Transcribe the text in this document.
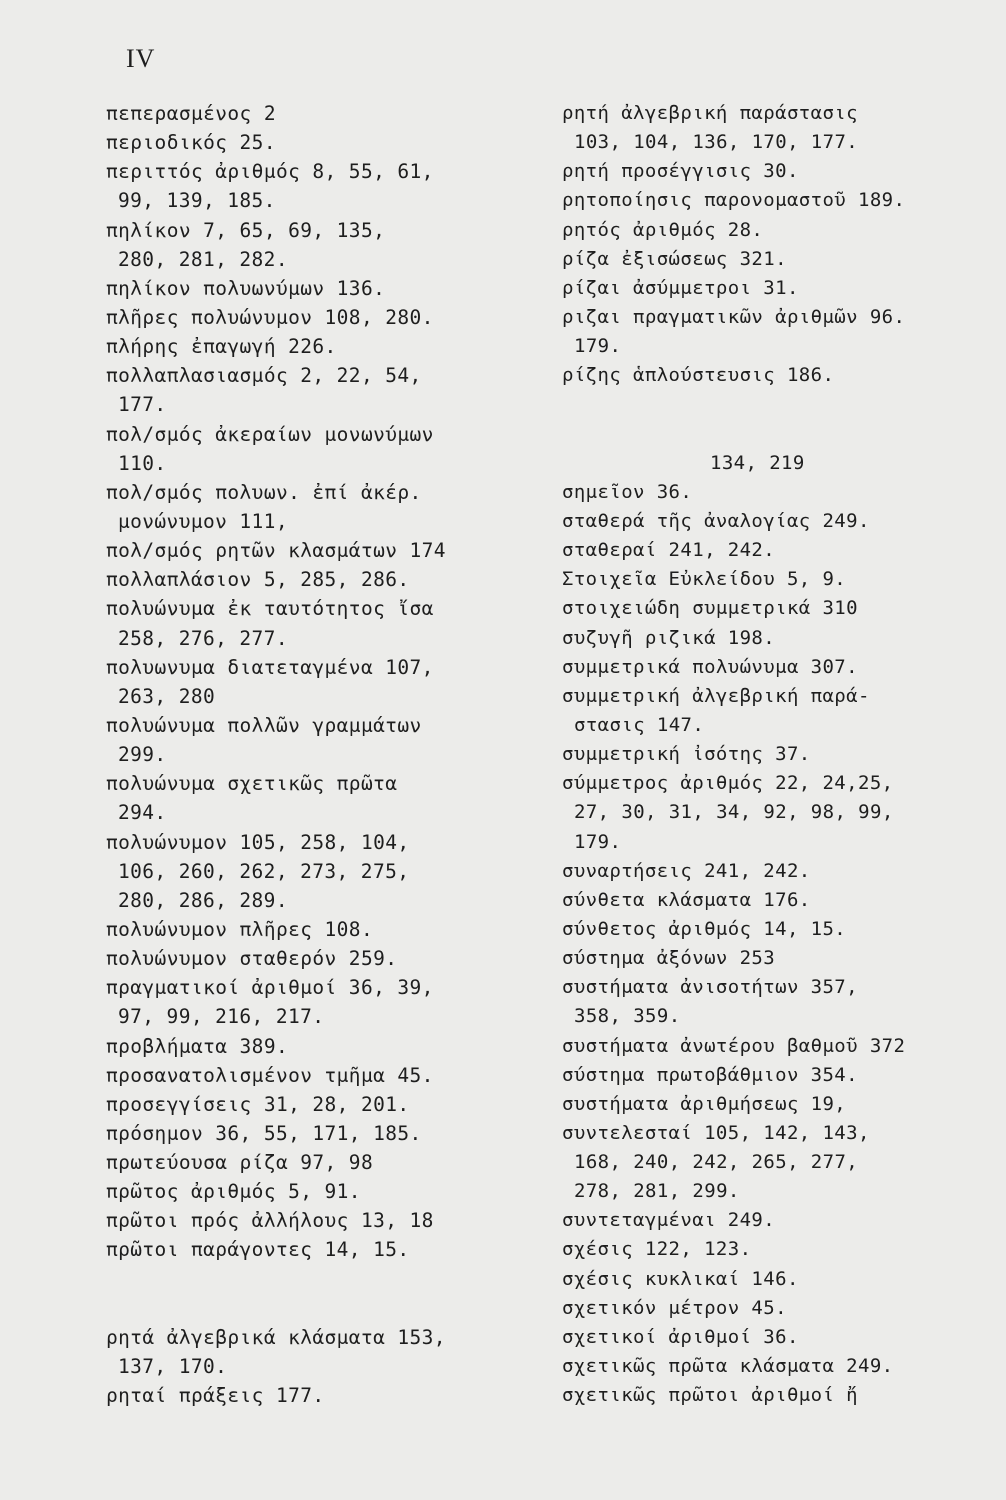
IV
πεπερασμένος 2
περιοδικός 25.
περιττός ἀριθμός 8, 55, 61,
99, 139, 185.
πηλίκον 7, 65, 69, 135,
280, 281, 282.
πηλίκον πολυωνύμων 136.
πλῆρες πολυώνυμον 108, 280.
πλήρης ἐπαγωγή 226.
πολλαπλασιασμός 2, 22, 54,
177.
πολ/σμός ἀκεραίων μονωνύμων
110.
πολ/σμός πολυων. ἐπί ἀκέρ.
μονώνυμον 111,
πολ/σμός ρητῶν κλασμάτων 174
πολλαπλάσιον 5, 285, 286.
πολυώνυμα ἐκ ταυτότητος ἴσα
258, 276, 277.
πολυωνυμα διατεταγμένα 107,
263, 280
πολυώνυμα πολλῶν γραμμάτων
299.
πολυώνυμα σχετικῶς πρῶτα
294.
πολυώνυμον 105, 258, 104,
106, 260, 262, 273, 275,
280, 286, 289.
πολυώνυμον πλῆρες 108.
πολυώνυμον σταθερόν 259.
πραγματικοί ἀριθμοί 36, 39,
97, 99, 216, 217.
προβλήματα 389.
προσανατολισμένον τμῆμα 45.
προσεγγίσεις 31, 28, 201.
πρόσημον 36, 55, 171, 185.
πρωτεύουσα ρίζα 97, 98
πρῶτος ἀριθμός 5, 91.
πρῶτοι πρός ἀλλήλους 13, 18
πρῶτοι παράγοντες 14, 15.
ρητά ἀλγεβρικά κλάσματα 153,
137, 170.
ρηταί πράξεις 177.
ρητή ἀλγεβρική παράστασις
103, 104, 136, 170, 177.
ρητή προσέγγισις 30.
ρητοποίησις παρονομαστοῦ 189.
ρητός ἀριθμός 28.
ρίζα ἐξισώσεως 321.
ρίζαι ἀσύμμετροι 31.
ριζαι πραγματικῶν ἀριθμῶν 96.
179.
ρίζης ἁπλούστευσις 186.
134, 219
σημεῖον 36.
σταθερά τῆς ἀναλογίας 249.
σταθεραί 241, 242.
Στοιχεῖα Εὐκλείδου 5, 9.
στοιχειώδη συμμετρικά 310
συζυγῆ ριζικά 198.
συμμετρικά πολυώνυμα 307.
συμμετρική ἀλγεβρική παρά-
στασις 147.
συμμετρική ἰσότης 37.
σύμμετρος ἀριθμός 22, 24,25,
27, 30, 31, 34, 92, 98, 99,
179.
συναρτήσεις 241, 242.
σύνθετα κλάσματα 176.
σύνθετος ἀριθμός 14, 15.
σύστημα ἀξόνων 253
συστήματα ἀνισοτήτων 357,
358, 359.
συστήματα ἀνωτέρου βαθμοῦ 372
σύστημα πρωτοβάθμιον 354.
συστήματα ἀριθμήσεως 19,
συντελεσταί 105, 142, 143,
168, 240, 242, 265, 277,
278, 281, 299.
συντεταγμέναι 249.
σχέσις 122, 123.
σχέσις κυκλικαί 146.
σχετικόν μέτρον 45.
σχετικοί ἀριθμοί 36.
σχετικῶς πρῶτα κλάσματα 249.
σχετικῶς πρῶτοι ἀριθμοί ἤ
